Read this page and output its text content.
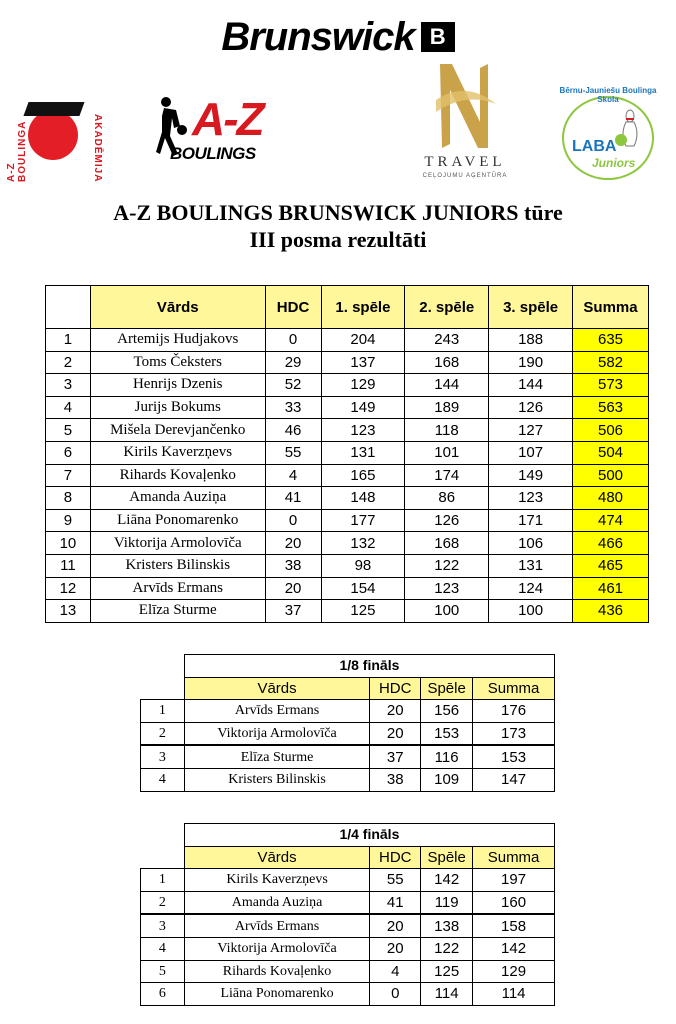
Brunswick B
A-Z BOULINGA	AKADĒMIJA A-Z
BOULINGS	TRAVEL
CEĻOJUMU AĢENTŪRA
Bērnu-Jauniešu Boulinga Skola
LABA
Juniors
A-Z BOULINGS BRUNSWICK JUNIORS tūre
III posma rezultāti
	Vārds	HDC	1. spēle	2. spēle	3. spēle	Summa
1	Artemijs Hudjakovs	0	204	243	188	635
2	Toms Čeksters	29	137	168	190	582
3	Henrijs Dzenis	52	129	144	144	573
4	Jurijs Bokums	33	149	189	126	563
5	Mišela Derevjančenko	46	123	118	127	506
6	Kirils Kaverzņevs	55	131	101	107	504
7	Rihards Kovaļenko	4	165	174	149	500
8	Amanda Auziņa	41	148	86	123	480
9	Liāna Ponomarenko	0	177	126	171	474
10	Viktorija Armolovīča	20	132	168	106	466
11	Kristers Bilinskis	38	98	122	131	465
12	Arvīds Ermans	20	154	123	124	461
13	Elīza Sturme	37	125	100	100	436
	1/8 fināls			
	Vārds	HDC	Spēle	Summa
1	Arvīds Ermans	20	156	176
2	Viktorija Armolovīča	20	153	173
3	Elīza Sturme	37	116	153
4	Kristers Bilinskis	38	109	147
	1/4 fināls			
	Vārds	HDC	Spēle	Summa
1	Kirils Kaverzņevs	55	142	197
2	Amanda Auziņa	41	119	160
3	Arvīds Ermans	20	138	158
4	Viktorija Armolovīča	20	122	142
5	Rihards Kovaļenko	4	125	129
6	Liāna Ponomarenko	0	114	114
